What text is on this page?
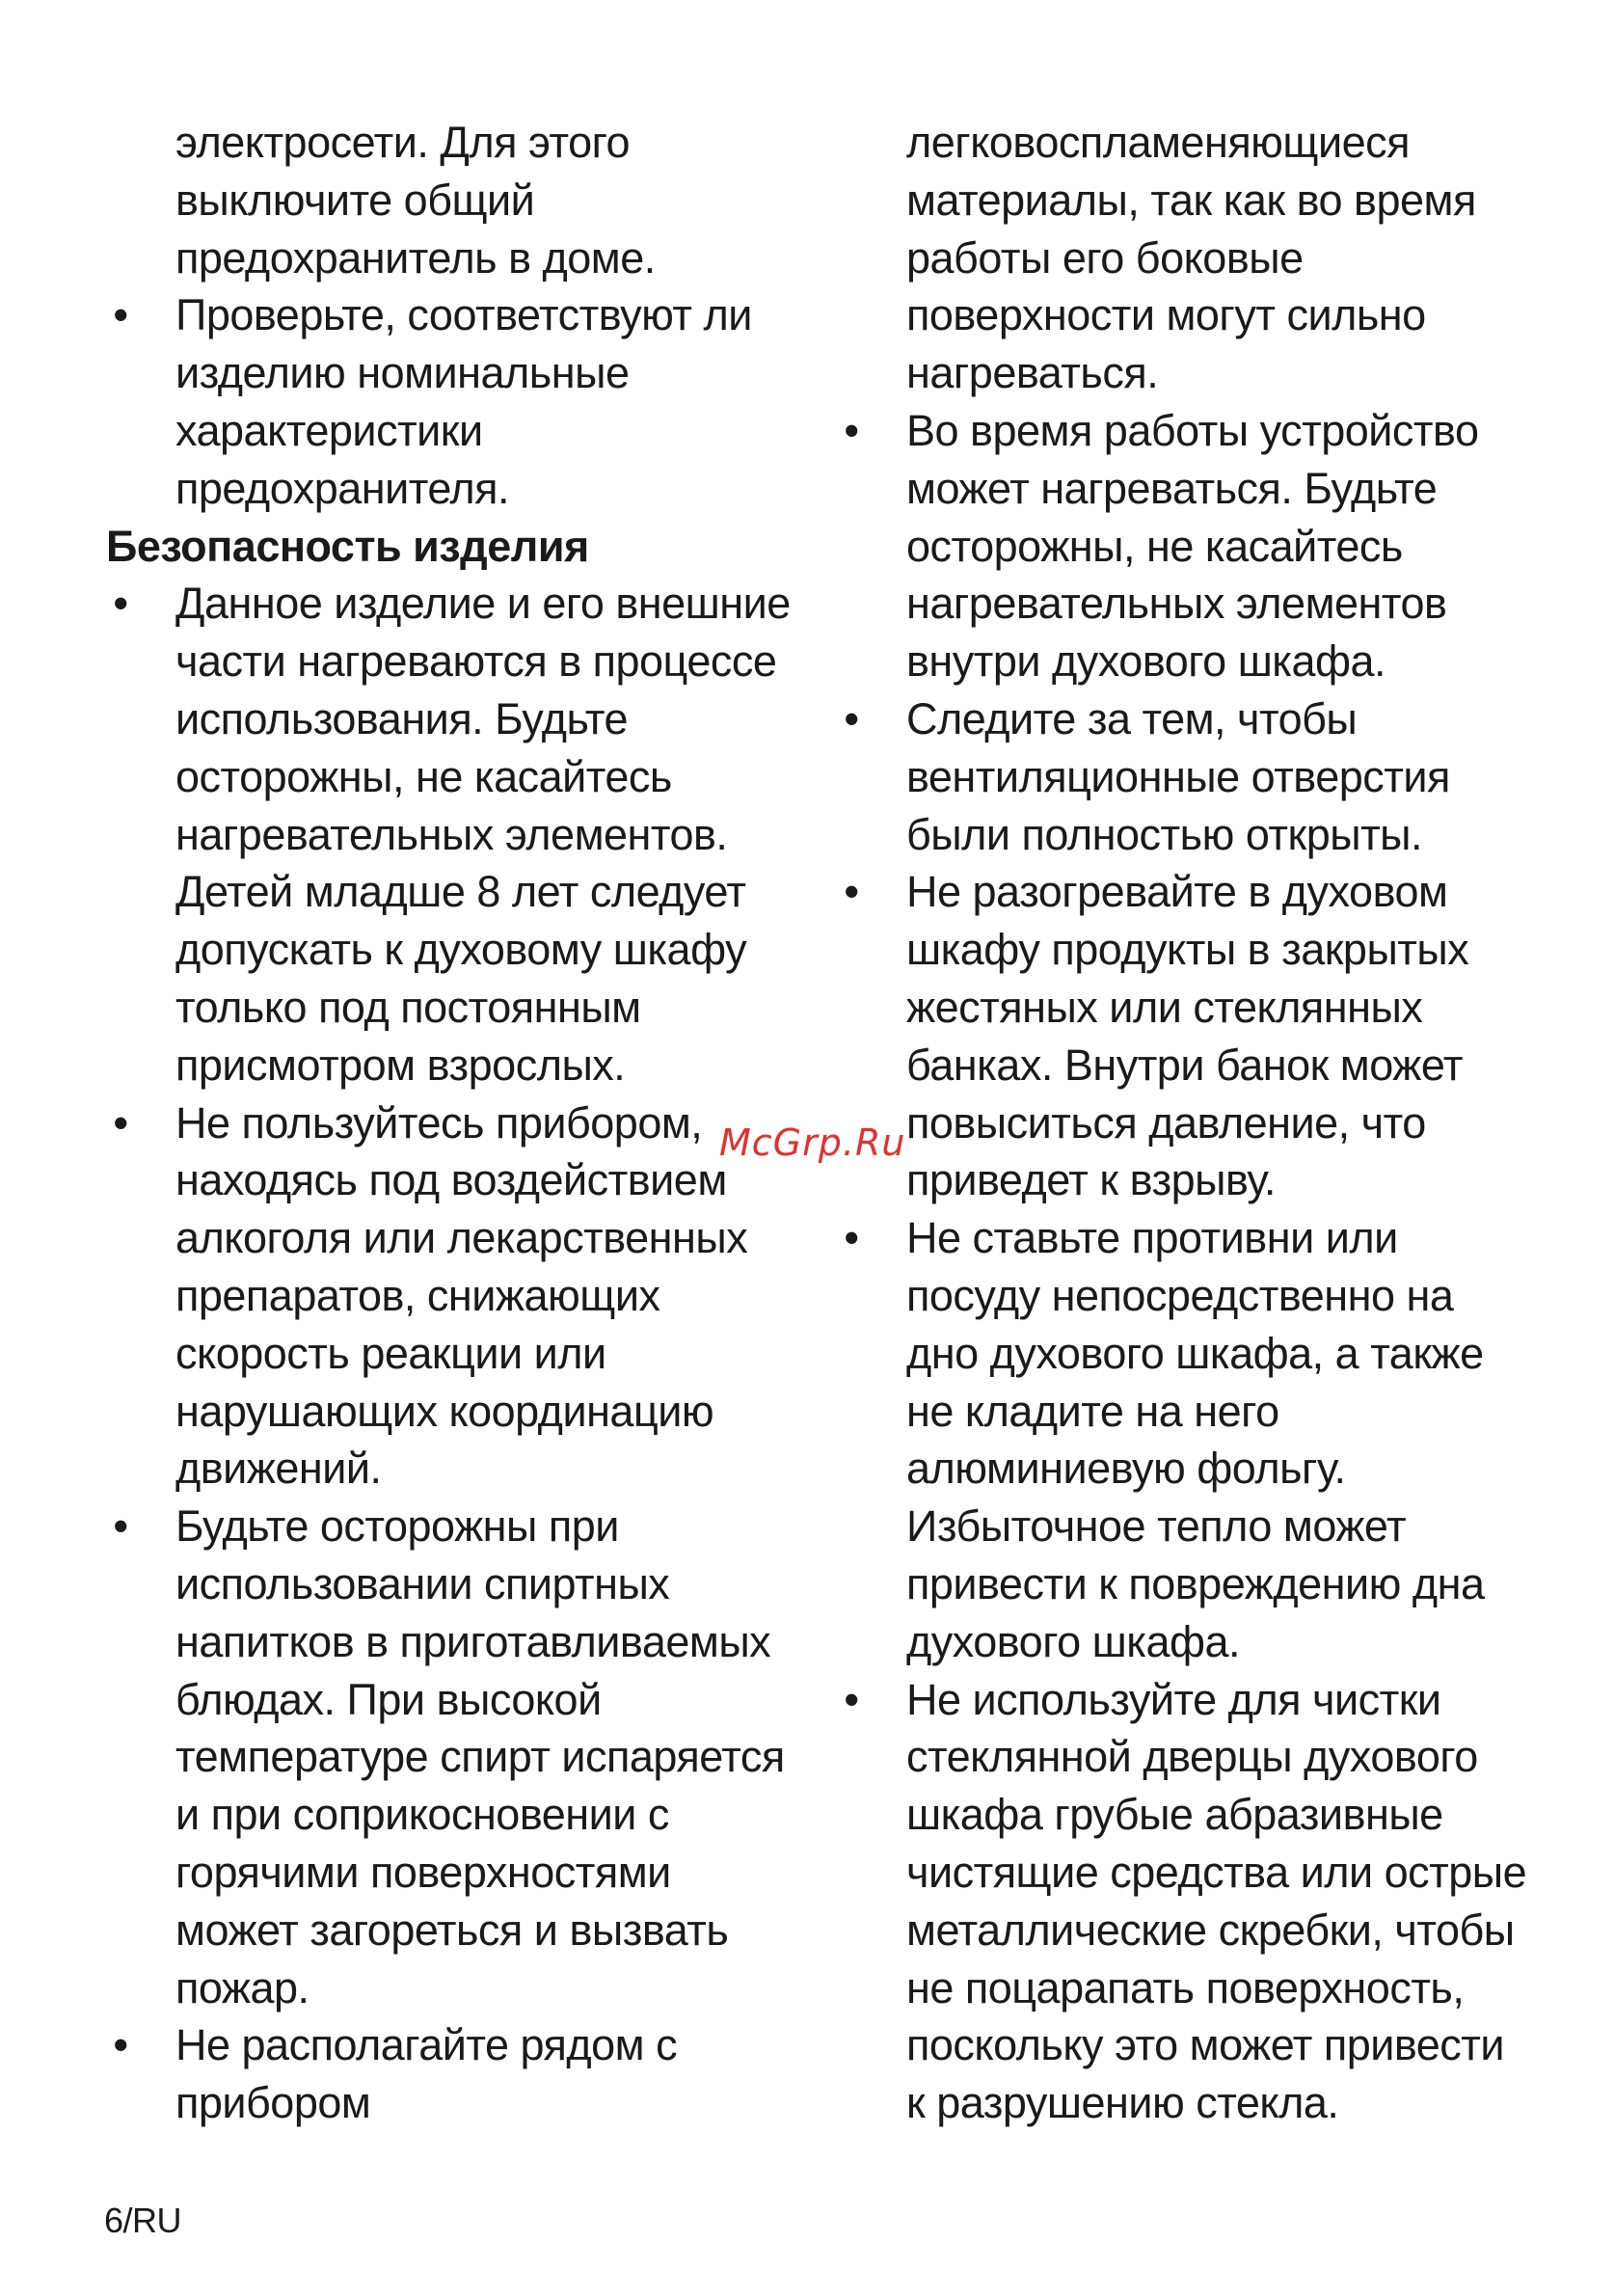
электросети. Для этого
выключите общий
предохранитель в доме.

• Проверьте, соответствуют ли
изделию номинальные
характеристики
предохранителя.

Безопасность изделия

• Данное изделие и его внешние
части нагреваются в процессе
использования. Будьте
осторожны, не касайтесь
нагревательных элементов.
Детей младше 8 лет следует
допускать к духовому шкафу
только под постоянным
присмотром взрослых.
• Не пользуйтесь прибором,
находясь под воздействием
алкоголя или лекарственных
препаратов, снижающих
скорость реакции или
нарушающих координацию
движений.
• Будьте осторожны при
использовании спиртных
напитков в приготавливаемых
блюдах. При высокой
температуре спирт испаряется
и при соприкосновении с
горячими поверхностями
может загореться и вызвать
пожар.
• Не располагайте рядом с
прибором

легковоспламеняющиеся
материалы, так как во время
работы его боковые
поверхности могут сильно
нагреваться.

• Во время работы устройство
может нагреваться. Будьте
осторожны, не касайтесь
нагревательных элементов
внутри духового шкафа.
• Следите за тем, чтобы
вентиляционные отверстия
были полностью открыты.
• Не разогревайте в духовом
шкафу продукты в закрытых
жестяных или стеклянных
банках. Внутри банок может
повыситься давление, что
приведет к взрыву.
• Не ставьте противни или
посуду непосредственно на
дно духового шкафа, а также
не кладите на него
алюминиевую фольгу.
Избыточное тепло может
привести к повреждению дна
духового шкафа.
• Не используйте для чистки
стеклянной дверцы духового
шкафа грубые абразивные
чистящие средства или острые
металлические скребки, чтобы
не поцарапать поверхность,
поскольку это может привести
к разрушению стекла.
McGrp.Ru
6/RU
